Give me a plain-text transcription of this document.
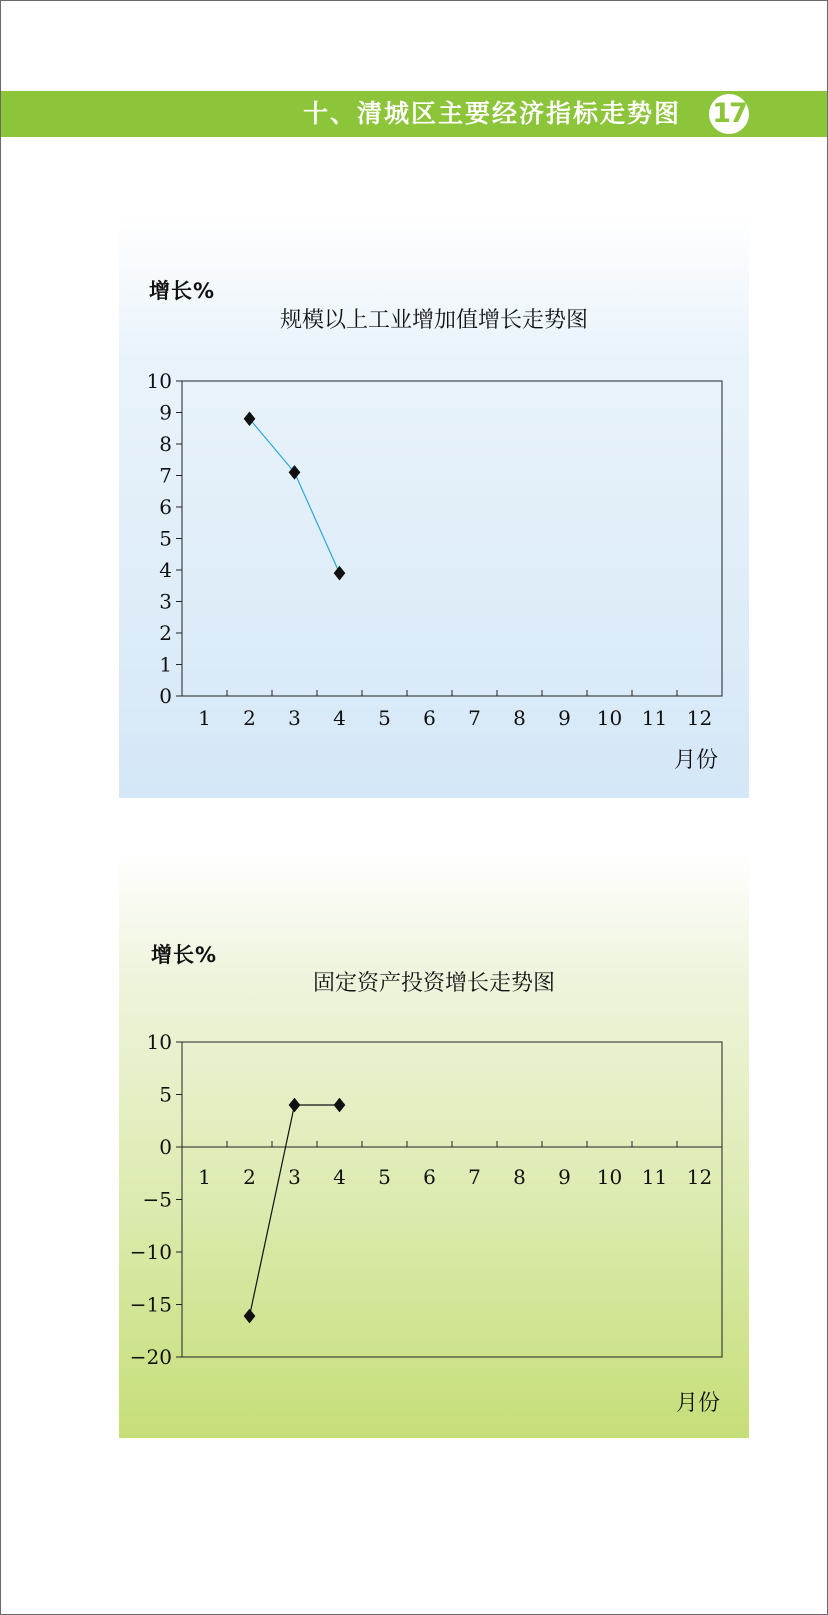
十、清城区主要经济指标走势图 17
增长%
规模以上工业增加值增长走势图
0
1
2
3
4
5
6
7
8
9
10
1 2 3 4 5 6 7 8 9 10 11 12
月份
增长%
固定资产投资增长走势图
10
5
0
−5
−10
−15
−20
1 2 3 4 5 6 7 8 9 10 11 12
月份
